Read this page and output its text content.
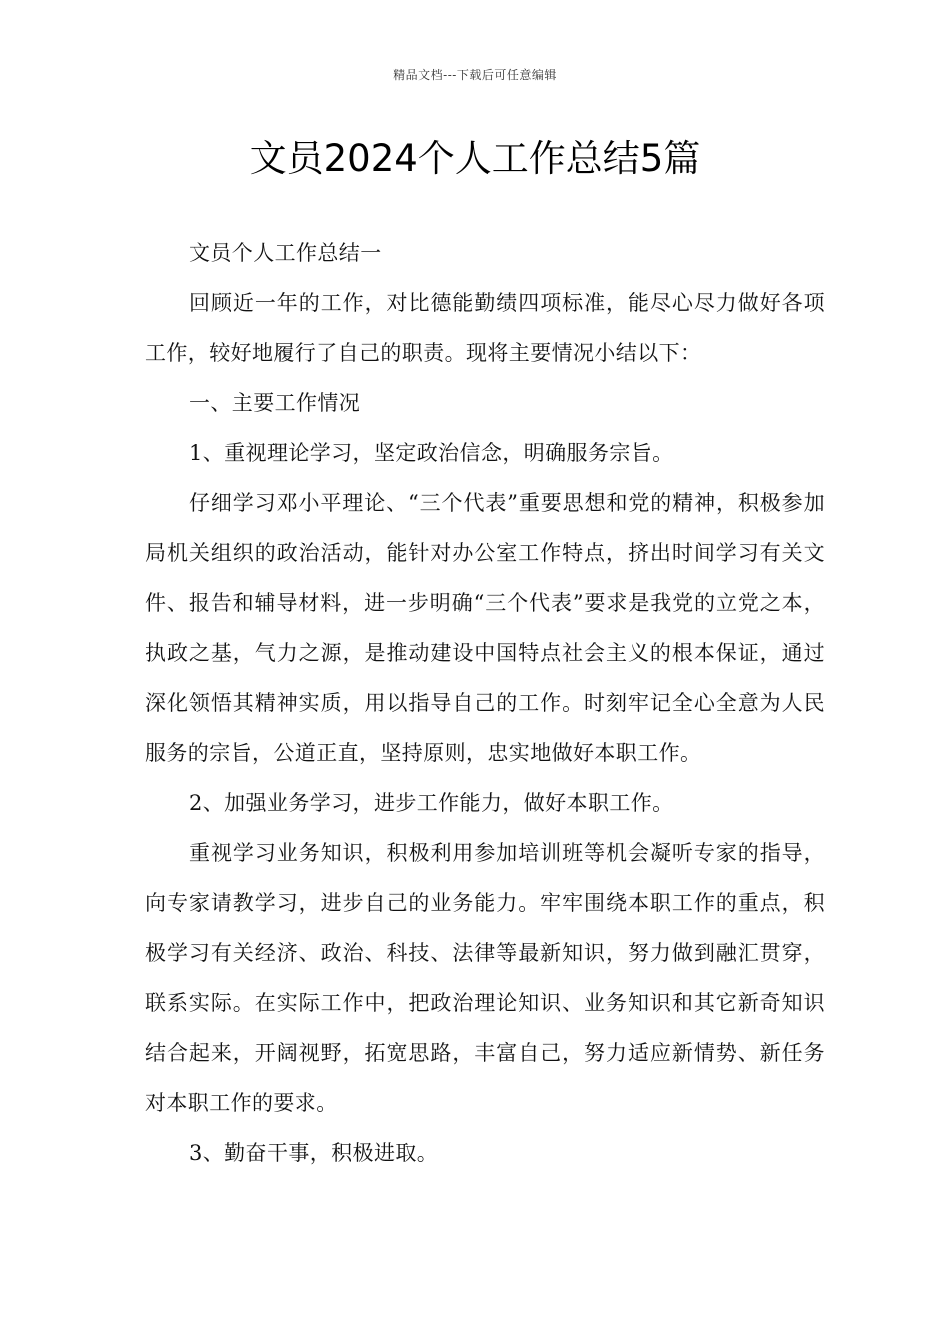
精品文档---下载后可任意编辑
文员2024个人工作总结5篇

文员个人工作总结一

回顾近一年的工作，对比德能勤绩四项标准，能尽心尽力做好各项工作，较好地履行了自己的职责。现将主要情况小结以下：

一、主要工作情况

1、重视理论学习，坚定政治信念，明确服务宗旨。

仔细学习邓小平理论、“三个代表”重要思想和党的精神，积极参加局机关组织的政治活动，能针对办公室工作特点，挤出时间学习有关文件、报告和辅导材料，进一步明确“三个代表”要求是我党的立党之本，执政之基，气力之源，是推动建设中国特点社会主义的根本保证，通过深化领悟其精神实质，用以指导自己的工作。时刻牢记全心全意为人民服务的宗旨，公道正直，坚持原则，忠实地做好本职工作。

2、加强业务学习，进步工作能力，做好本职工作。

重视学习业务知识，积极利用参加培训班等机会凝听专家的指导，向专家请教学习，进步自己的业务能力。牢牢围绕本职工作的重点，积极学习有关经济、政治、科技、法律等最新知识，努力做到融汇贯穿，联系实际。在实际工作中，把政治理论知识、业务知识和其它新奇知识结合起来，开阔视野，拓宽思路，丰富自己，努力适应新情势、新任务对本职工作的要求。

3、勤奋干事，积极进取。
